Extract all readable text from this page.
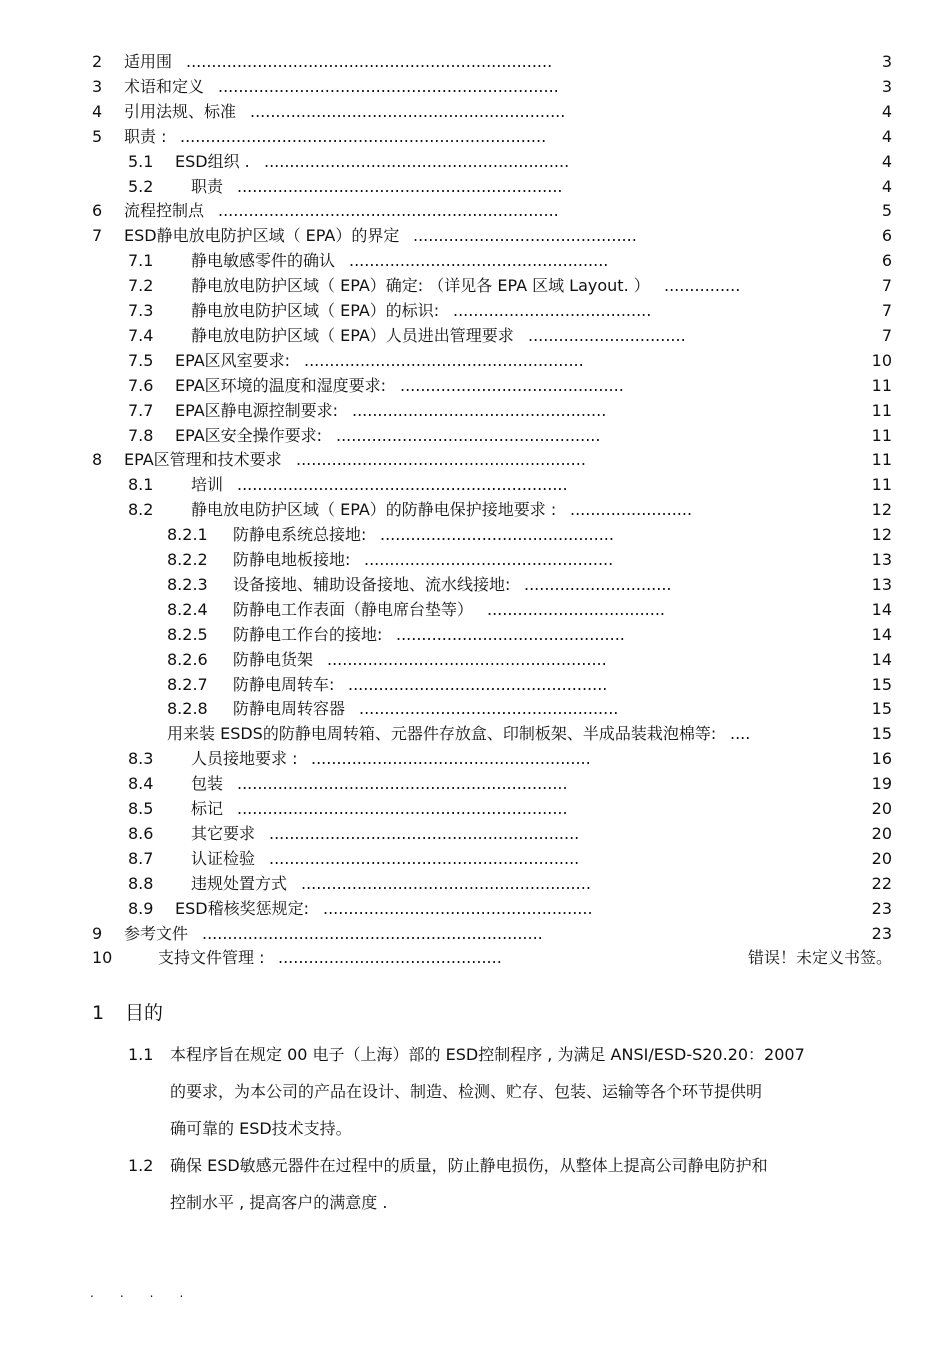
2 适用围 ........................................................................	3
3 术语和定义 ...................................................................	3
4 引用法规、标准 ..............................................................	4
5 职责 : ........................................................................	4
5.1 ESD组织 . ............................................................	4
5.2 职责 ................................................................	4
6 流程控制点 ...................................................................	5
7 ESD静电放电防护区域（ EPA）的界定 ............................................	6
7.1 静电敏感零件的确认 ...................................................	6
7.2 静电放电防护区域（ EPA）确定: （详见各 EPA 区域 Layout. ） ...............	7
7.3 静电放电防护区域（ EPA）的标识: .......................................	7
7.4 静电放电防护区域（ EPA）人员进出管理要求 ...............................	7
7.5 EPA区风室要求: .......................................................	10
7.6 EPA区环境的温度和湿度要求: ............................................	11
7.7 EPA区静电源控制要求: ..................................................	11
7.8 EPA区安全操作要求: ....................................................	11
8 EPA区管理和技术要求 .........................................................	11
8.1 培训 .................................................................	11
8.2 静电放电防护区域（ EPA）的防静电保护接地要求 : ........................	12
8.2.1 防静电系统总接地: ..............................................	12
8.2.2 防静电地板接地: .................................................	13
8.2.3 设备接地、辅助设备接地、流水线接地: .............................	13
8.2.4 防静电工作表面（静电席台垫等） ...................................	14
8.2.5 防静电工作台的接地: .............................................	14
8.2.6 防静电货架 .......................................................	14
8.2.7 防静电周转车: ...................................................	15
8.2.8 防静电周转容器 ...................................................	15
用来装 ESDS的防静电周转箱、元器件存放盒、印制板架、半成品装栽泡棉等: ....	15
8.3 人员接地要求 : .......................................................	16
8.4 包装 .................................................................	19
8.5 标记 .................................................................	20
8.6 其它要求 .............................................................	20
8.7 认证检验 .............................................................	20
8.8 违规处置方式 .........................................................	22
8.9 ESD稽核奖惩规定: .....................................................	23
9 参考文件 ...................................................................	23
10	支持文件管理 : ............................................	错误！未定义书签。
1 目的
1.1 本程序旨在规定 00 电子（上海）部的 ESD控制程序 , 为满足 ANSI/ESD-S20.20：2007
的要求，为本公司的产品在设计、制造、检测、贮存、包装、运输等各个环节提供明
确可靠的 ESD技术支持。
1.2 确保 ESD敏感元器件在过程中的质量，防止静电损伤，从整体上提高公司静电防护和
控制水平 , 提高客户的满意度 .
....
